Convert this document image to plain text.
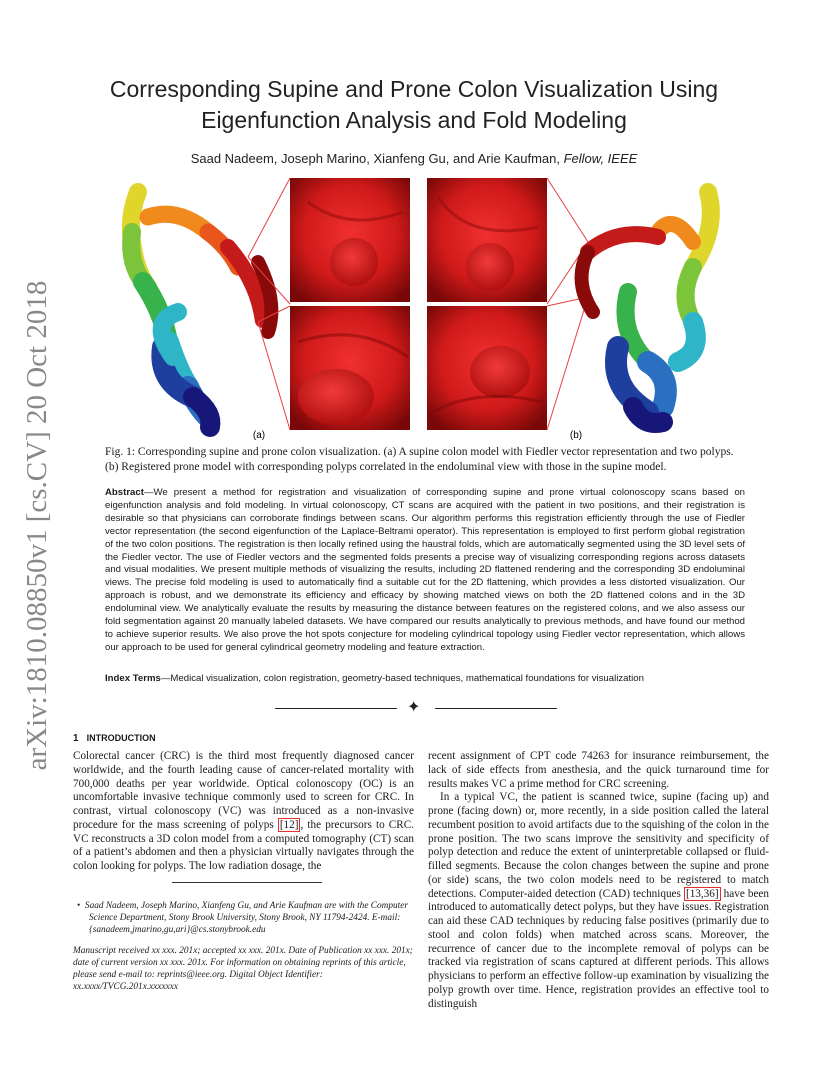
arXiv:1810.08850v1 [cs.CV] 20 Oct 2018
Corresponding Supine and Prone Colon Visualization Using Eigenfunction Analysis and Fold Modeling
Saad Nadeem, Joseph Marino, Xianfeng Gu, and Arie Kaufman, Fellow, IEEE
(a)	(b)
Fig. 1: Corresponding supine and prone colon visualization. (a) A supine colon model with Fiedler vector representation and two polyps. (b) Registered prone model with corresponding polyps correlated in the endoluminal view with those in the supine model.
Abstract—We present a method for registration and visualization of corresponding supine and prone virtual colonoscopy scans based on eigenfunction analysis and fold modeling. In virtual colonoscopy, CT scans are acquired with the patient in two positions, and their registration is desirable so that physicians can corroborate findings between scans. Our algorithm performs this registration efficiently through the use of Fiedler vector representation (the second eigenfunction of the Laplace-Beltrami operator). This representation is employed to first perform global registration of the two colon positions. The registration is then locally refined using the haustral folds, which are automatically segmented using the 3D level sets of the Fiedler vector. The use of Fiedler vectors and the segmented folds presents a precise way of visualizing corresponding regions across datasets and visual modalities. We present multiple methods of visualizing the results, including 2D flattened rendering and the corresponding 3D endoluminal views. The precise fold modeling is used to automatically find a suitable cut for the 2D flattening, which provides a less distorted visualization. Our approach is robust, and we demonstrate its efficiency and efficacy by showing matched views on both the 2D flattened colons and in the 3D endoluminal view. We analytically evaluate the results by measuring the distance between features on the registered colons, and we also assess our fold segmentation against 20 manually labeled datasets. We have compared our results analytically to previous methods, and have found our method to achieve superior results. We also prove the hot spots conjecture for modeling cylindrical topology using Fiedler vector representation, which allows our approach to be used for general cylindrical geometry modeling and feature extraction.
Index Terms—Medical visualization, colon registration, geometry-based techniques, mathematical foundations for visualization
✦
1 INTRODUCTION
Colorectal cancer (CRC) is the third most frequently diagnosed cancer worldwide, and the fourth leading cause of cancer-related mortality with 700,000 deaths per year worldwide. Optical colonoscopy (OC) is an uncomfortable invasive technique commonly used to screen for CRC. In contrast, virtual colonoscopy (VC) was introduced as a non-invasive procedure for the mass screening of polyps [12] , the precursors to CRC. VC reconstructs a 3D colon model from a computed tomography (CT) scan of a patient’s abdomen and then a physician virtually navigates through the colon looking for polyps. The low radiation dosage, the

• Saad Nadeem, Joseph Marino, Xianfeng Gu, and Arie Kaufman are with the Computer Science Department, Stony Brook University, Stony Brook, NY 11794-2424. E-mail: {sanadeem,jmarino,gu,ari}@cs.stonybrook.edu

Manuscript received xx xxx. 201x; accepted xx xxx. 201x. Date of Publication xx xxx. 201x; date of current version xx xxx. 201x. For information on obtaining reprints of this article, please send e-mail to: reprints@ieee.org. Digital Object Identifier: xx.xxxx/TVCG.201x.xxxxxxx

recent assignment of CPT code 74263 for insurance reimbursement, the lack of side effects from anesthesia, and the quick turnaround time for results makes VC a prime method for CRC screening.
In a typical VC, the patient is scanned twice, supine (facing up) and prone (facing down) or, more recently, in a side position called the lateral recumbent position to avoid artifacts due to the squishing of the colon in the prone position. The two scans improve the sensitivity and specificity of polyp detection and reduce the extent of uninterpretable collapsed or fluid-filled segments. Because the colon changes between the supine and prone (or side) scans, the two colon models need to be registered to match detections. Computer-aided detection (CAD) techniques [13,36] have been introduced to automatically detect polyps, but they have issues. Registration can aid these CAD techniques by reducing false positives (primarily due to stool and colon folds) when matched across scans. Moreover, the recurrence of cancer due to the incomplete removal of polyps can be tracked via registration of scans captured at different periods. This allows physicians to perform an effective follow-up examination by visualizing the polyp growth over time. Hence, registration provides an effective tool to distinguish
